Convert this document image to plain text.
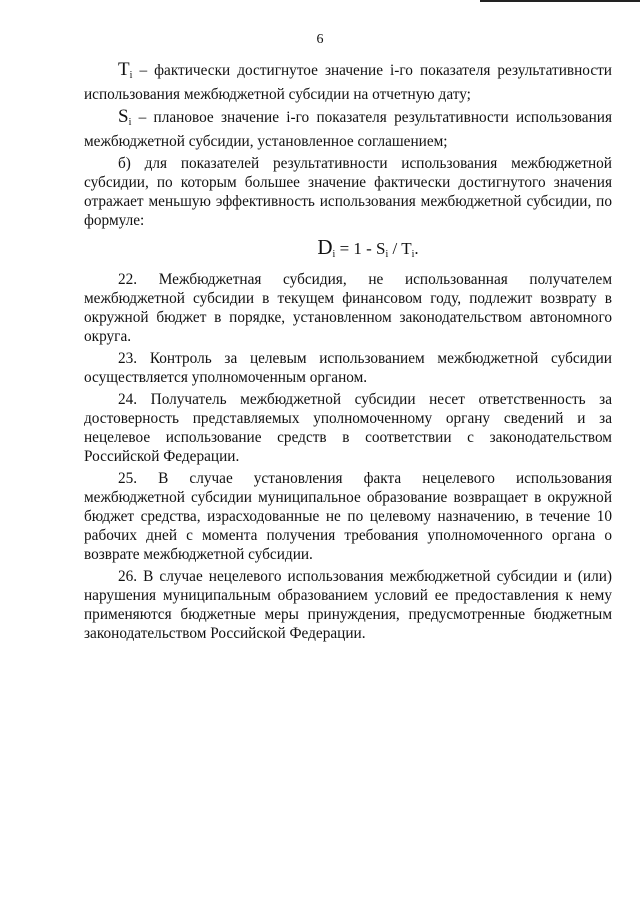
6

$T_i$ – фактически достигнутое значение i-го показателя результативности использования межбюджетной субсидии на отчетную дату;

$S_i$ – плановое значение i-го показателя результативности использования межбюджетной субсидии, установленное соглашением;

б) для показателей результативности использования межбюджетной субсидии, по которым большее значение фактически достигнутого значения отражает меньшую эффективность использования межбюджетной субсидии, по формуле:

$D_i = 1 - S_i / T_i$.

22. Межбюджетная субсидия, не использованная получателем межбюджетной субсидии в текущем финансовом году, подлежит возврату в окружной бюджет в порядке, установленном законодательством автономного округа.

23. Контроль за целевым использованием межбюджетной субсидии осуществляется уполномоченным органом.

24. Получатель межбюджетной субсидии несет ответственность за достоверность представляемых уполномоченному органу сведений и за нецелевое использование средств в соответствии с законодательством Российской Федерации.

25. В случае установления факта нецелевого использования межбюджетной субсидии муниципальное образование возвращает в окружной бюджет средства, израсходованные не по целевому назначению, в течение 10 рабочих дней с момента получения требования уполномоченного органа о возврате межбюджетной субсидии.

26. В случае нецелевого использования межбюджетной субсидии и (или) нарушения муниципальным образованием условий ее предоставления к нему применяются бюджетные меры принуждения, предусмотренные бюджетным законодательством Российской Федерации.
